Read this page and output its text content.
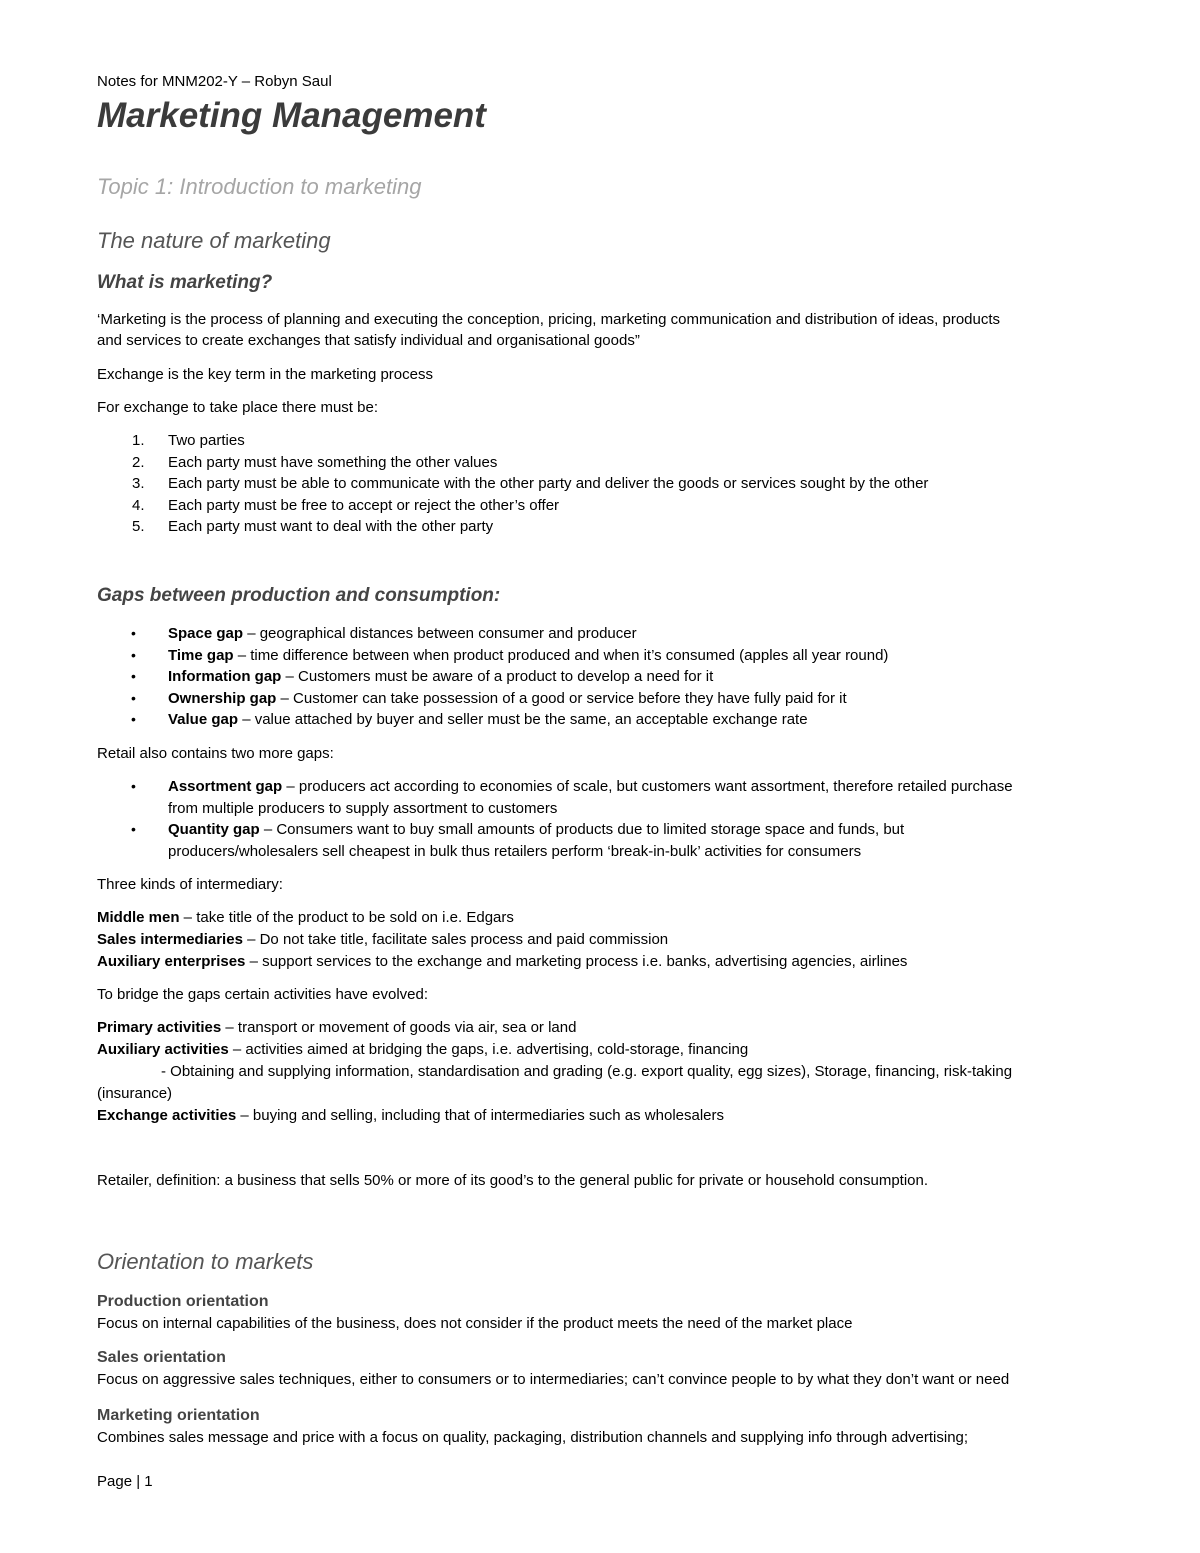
Notes for MNM202-Y – Robyn Saul

Marketing Management
Topic 1: Introduction to marketing
The nature of marketing
What is marketing?

‘Marketing is the process of planning and executing the conception, pricing, marketing communication and distribution of ideas, products

and services to create exchanges that satisfy individual and organisational goods”

Exchange is the key term in the marketing process

For exchange to take place there must be:

1. Two parties
2. Each party must have something the other values
3. Each party must be able to communicate with the other party and deliver the goods or services sought by the other
4. Each party must be free to accept or reject the other’s offer
5. Each party must want to deal with the other party
Gaps between production and consumption:
• Space gap – geographical distances between consumer and producer
• Time gap – time difference between when product produced and when it’s consumed (apples all year round)
• Information gap – Customers must be aware of a product to develop a need for it
• Ownership gap – Customer can take possession of a good or service before they have fully paid for it
• Value gap – value attached by buyer and seller must be the same, an acceptable exchange rate

Retail also contains two more gaps:

• Assortment gap – producers act according to economies of scale, but customers want assortment, therefore retailed purchase
from multiple producers to supply assortment to customers
• Quantity gap – Consumers want to buy small amounts of products due to limited storage space and funds, but
producers/wholesalers sell cheapest in bulk thus retailers perform ‘break-in-bulk’ activities for consumers

Three kinds of intermediary:

Middle men – take title of the product to be sold on i.e. Edgars

Sales intermediaries – Do not take title, facilitate sales process and paid commission

Auxiliary enterprises – support services to the exchange and marketing process i.e. banks, advertising agencies, airlines

To bridge the gaps certain activities have evolved:

Primary activities – transport or movement of goods via air, sea or land

Auxiliary activities – activities aimed at bridging the gaps, i.e. advertising, cold-storage, financing

- Obtaining and supplying information, standardisation and grading (e.g. export quality, egg sizes), Storage, financing, risk-taking

(insurance)

Exchange activities – buying and selling, including that of intermediaries such as wholesalers

Retailer, definition: a business that sells 50% or more of its good’s to the general public for private or household consumption.

Orientation to markets
Production orientation

Focus on internal capabilities of the business, does not consider if the product meets the need of the market place

Sales orientation

Focus on aggressive sales techniques, either to consumers or to intermediaries; can’t convince people to by what they don’t want or need

Marketing orientation

Combines sales message and price with a focus on quality, packaging, distribution channels and supplying info through advertising;

Page | 1
